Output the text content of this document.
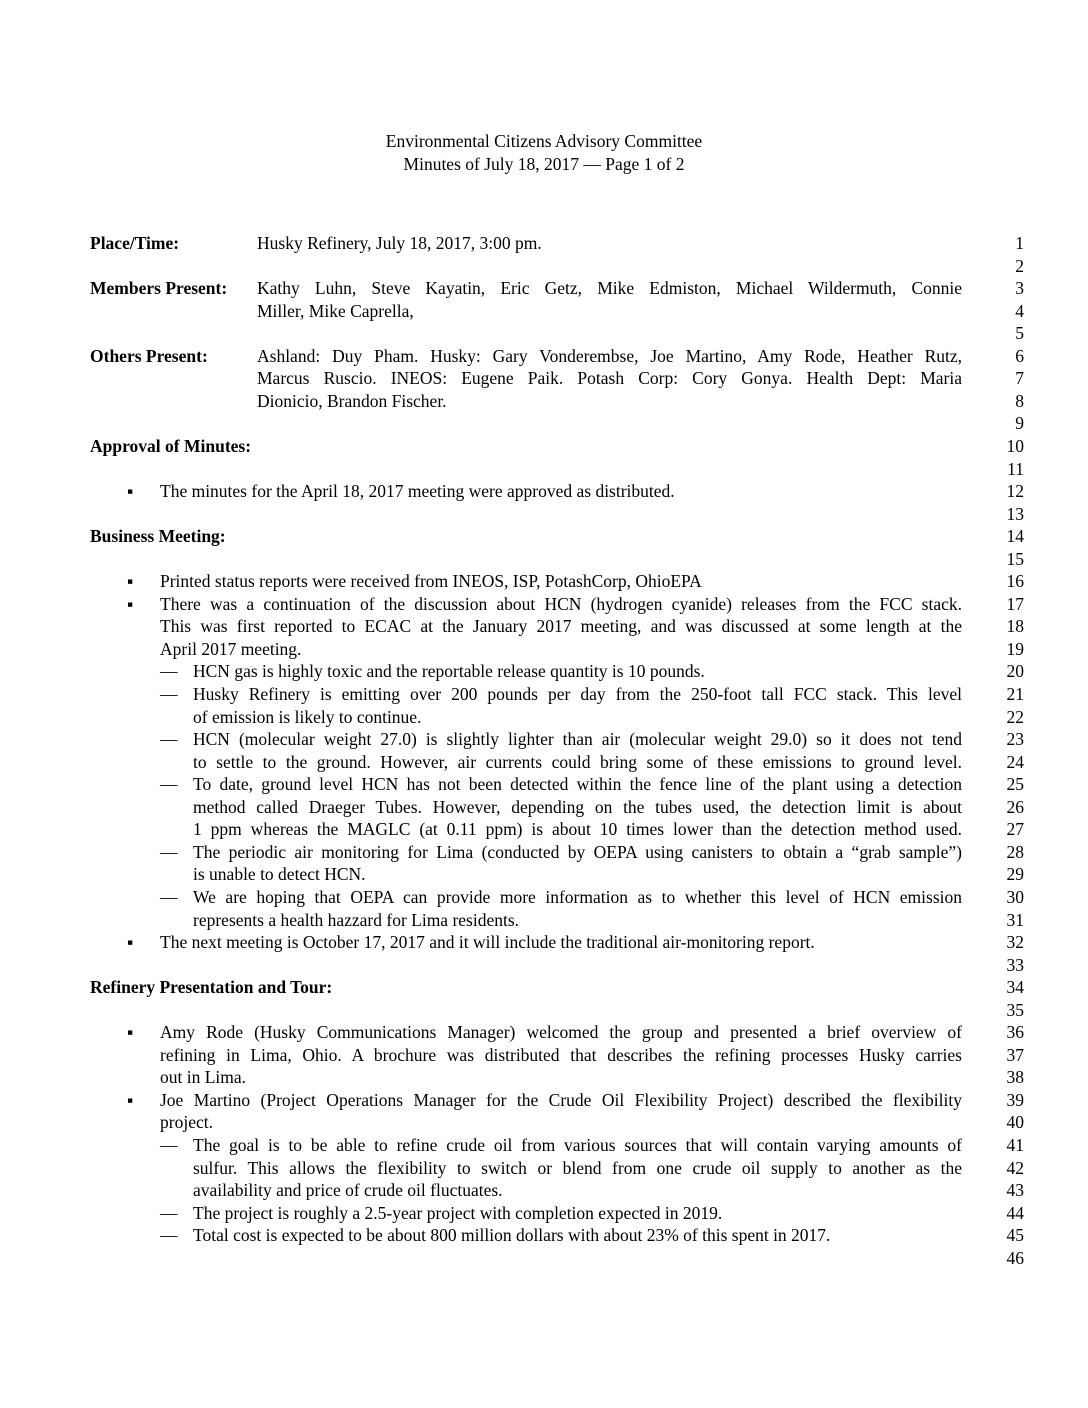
Environmental Citizens Advisory Committee
Minutes of July 18, 2017 — Page 1 of 2
Place/Time:	Husky Refinery, July 18, 2017, 3:00 pm.	1
2
Members Present: Kathy Luhn, Steve Kayatin, Eric Getz, Mike Edmiston, Michael Wildermuth, Connie	3
Miller, Mike Caprella,	4
5
Others Present:	Ashland: Duy Pham. Husky: Gary Vonderembse, Joe Martino, Amy Rode, Heather Rutz,	6
Marcus Ruscio. INEOS: Eugene Paik. Potash Corp: Cory Gonya. Health Dept: Maria	7
Dionicio, Brandon Fischer.	8
9
Approval of Minutes:	10
11
▪ The minutes for the April 18, 2017 meeting were approved as distributed.	12
13
Business Meeting:	14
15
▪ Printed status reports were received from INEOS, ISP, PotashCorp, OhioEPA	16
▪ There was a continuation of the discussion about HCN (hydrogen cyanide) releases from the FCC stack.	17
This was first reported to ECAC at the January 2017 meeting, and was discussed at some length at the	18
April 2017 meeting.	19
— HCN gas is highly toxic and the reportable release quantity is 10 pounds.	20
— Husky Refinery is emitting over 200 pounds per day from the 250-foot tall FCC stack. This level	21
of emission is likely to continue.	22
— HCN (molecular weight 27.0) is slightly lighter than air (molecular weight 29.0) so it does not tend	23
to settle to the ground. However, air currents could bring some of these emissions to ground level.	24
— To date, ground level HCN has not been detected within the fence line of the plant using a detection	25
method called Draeger Tubes. However, depending on the tubes used, the detection limit is about	26
1 ppm whereas the MAGLC (at 0.11 ppm) is about 10 times lower than the detection method used.	27
— The periodic air monitoring for Lima (conducted by OEPA using canisters to obtain a “grab sample”)	28
is unable to detect HCN.	29
— We are hoping that OEPA can provide more information as to whether this level of HCN emission	30
represents a health hazzard for Lima residents.	31
▪ The next meeting is October 17, 2017 and it will include the traditional air-monitoring report.	32
33
Refinery Presentation and Tour:	34
35
▪ Amy Rode (Husky Communications Manager) welcomed the group and presented a brief overview of	36
refining in Lima, Ohio. A brochure was distributed that describes the refining processes Husky carries	37
out in Lima.	38
▪ Joe Martino (Project Operations Manager for the Crude Oil Flexibility Project) described the flexibility	39
project.	40
— The goal is to be able to refine crude oil from various sources that will contain varying amounts of	41
sulfur. This allows the flexibility to switch or blend from one crude oil supply to another as the	42
availability and price of crude oil fluctuates.	43
— The project is roughly a 2.5-year project with completion expected in 2019.	44
— Total cost is expected to be about 800 million dollars with about 23% of this spent in 2017.	45
46
